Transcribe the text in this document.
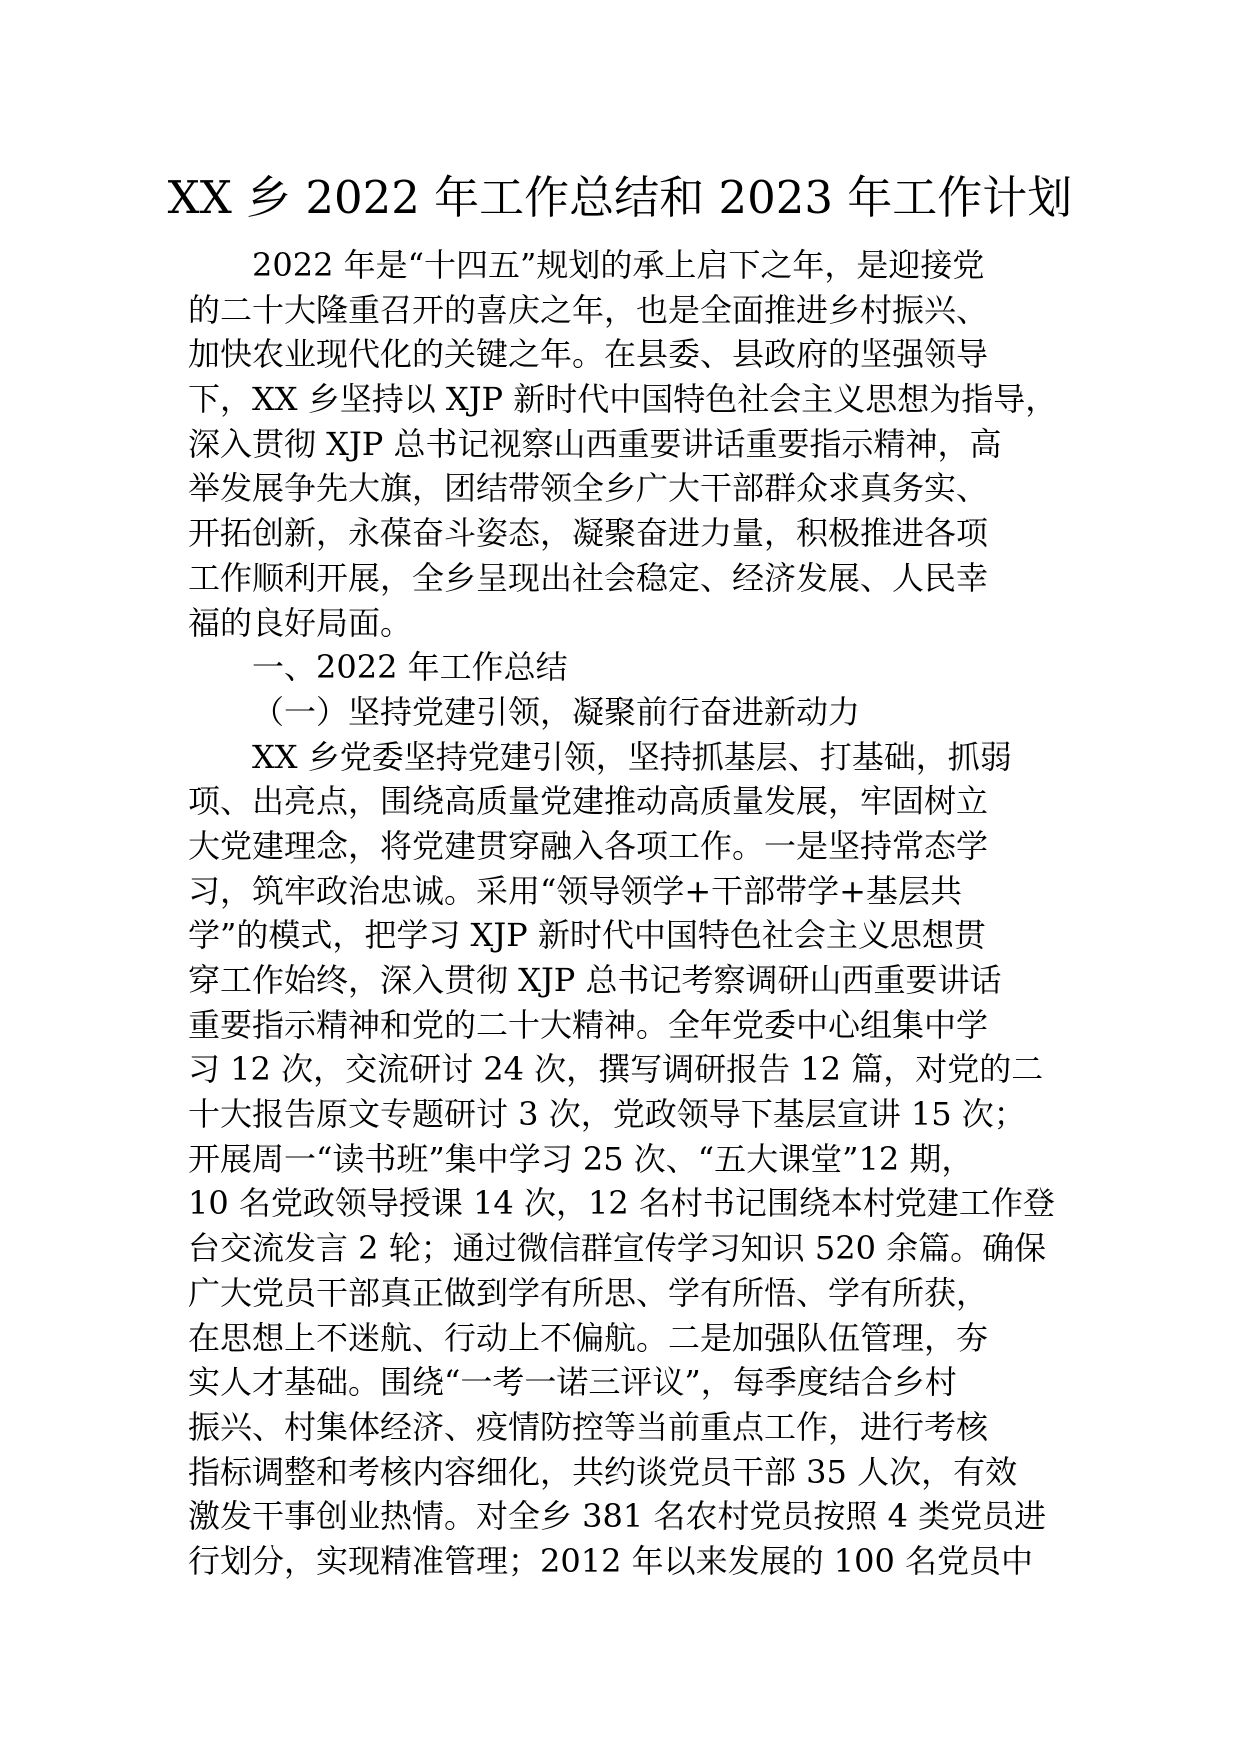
XX 乡 2022 年工作总结和 2023 年工作计划
2022 年是“十四五”规划的承上启下之年，是迎接党
的二十大隆重召开的喜庆之年，也是全面推进乡村振兴、
加快农业现代化的关键之年。在县委、县政府的坚强领导
下，XX 乡坚持以 XJP 新时代中国特色社会主义思想为指导，
深入贯彻 XJP 总书记视察山西重要讲话重要指示精神，高
举发展争先大旗，团结带领全乡广大干部群众求真务实、
开拓创新，永葆奋斗姿态，凝聚奋进力量，积极推进各项
工作顺利开展，全乡呈现出社会稳定、经济发展、人民幸
福的良好局面。
一、2022 年工作总结
（一）坚持党建引领，凝聚前行奋进新动力
XX 乡党委坚持党建引领，坚持抓基层、打基础，抓弱
项、出亮点，围绕高质量党建推动高质量发展，牢固树立
大党建理念，将党建贯穿融入各项工作。一是坚持常态学
习，筑牢政治忠诚。采用“领导领学+干部带学+基层共
学”的模式，把学习 XJP 新时代中国特色社会主义思想贯
穿工作始终，深入贯彻 XJP 总书记考察调研山西重要讲话
重要指示精神和党的二十大精神。全年党委中心组集中学
习 12 次，交流研讨 24 次，撰写调研报告 12 篇，对党的二
十大报告原文专题研讨 3 次，党政领导下基层宣讲 15 次；
开展周一“读书班”集中学习 25 次、“五大课堂”12 期，
10 名党政领导授课 14 次，12 名村书记围绕本村党建工作登
台交流发言 2 轮；通过微信群宣传学习知识 520 余篇。确保
广大党员干部真正做到学有所思、学有所悟、学有所获，
在思想上不迷航、行动上不偏航。二是加强队伍管理，夯
实人才基础。围绕“一考一诺三评议”，每季度结合乡村
振兴、村集体经济、疫情防控等当前重点工作，进行考核
指标调整和考核内容细化，共约谈党员干部 35 人次，有效
激发干事创业热情。对全乡 381 名农村党员按照 4 类党员进
行划分，实现精准管理；2012 年以来发展的 100 名党员中
